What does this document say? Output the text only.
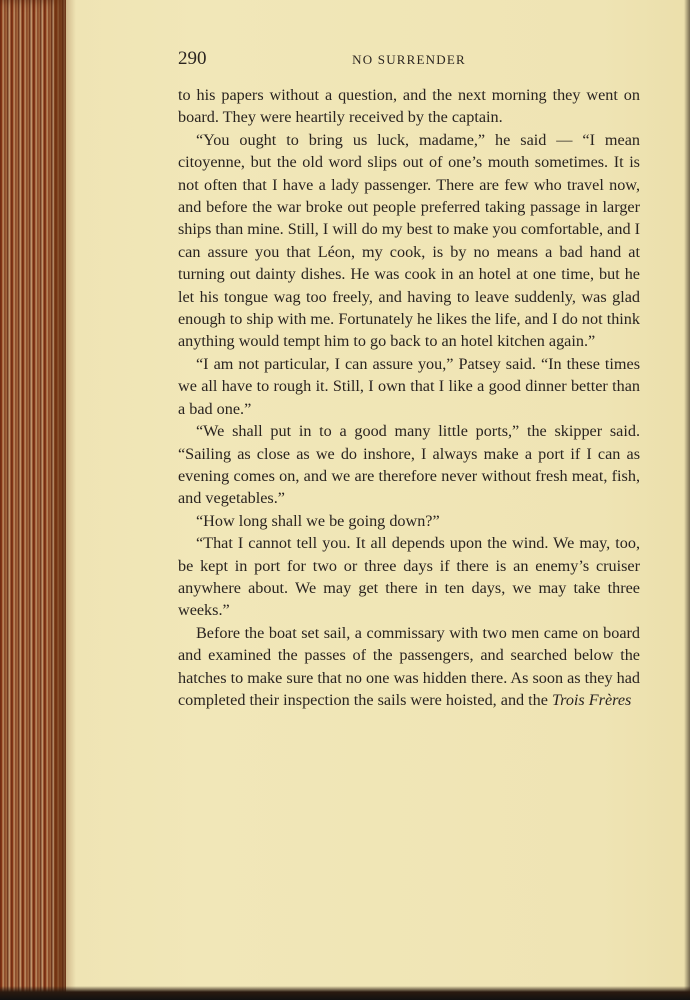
290	NO SURRENDER

to his papers without a question, and the next morning they went on board. They were heartily received by the captain.

“You ought to bring us luck, madame,” he said — “I mean citoyenne, but the old word slips out of one’s mouth sometimes. It is not often that I have a lady passenger. There are few who travel now, and before the war broke out people preferred taking passage in larger ships than mine. Still, I will do my best to make you comfortable, and I can assure you that Léon, my cook, is by no means a bad hand at turning out dainty dishes. He was cook in an hotel at one time, but he let his tongue wag too freely, and having to leave suddenly, was glad enough to ship with me. Fortunately he likes the life, and I do not think anything would tempt him to go back to an hotel kitchen again.”

“I am not particular, I can assure you,” Patsey said. “In these times we all have to rough it. Still, I own that I like a good dinner better than a bad one.”

“We shall put in to a good many little ports,” the skipper said. “Sailing as close as we do inshore, I always make a port if I can as evening comes on, and we are therefore never without fresh meat, fish, and vegetables.”

“How long shall we be going down?”

“That I cannot tell you. It all depends upon the wind. We may, too, be kept in port for two or three days if there is an enemy’s cruiser anywhere about. We may get there in ten days, we may take three weeks.”

Before the boat set sail, a commissary with two men came on board and examined the passes of the passengers, and searched below the hatches to make sure that no one was hidden there. As soon as they had completed their inspection the sails were hoisted, and the Trois Frères
